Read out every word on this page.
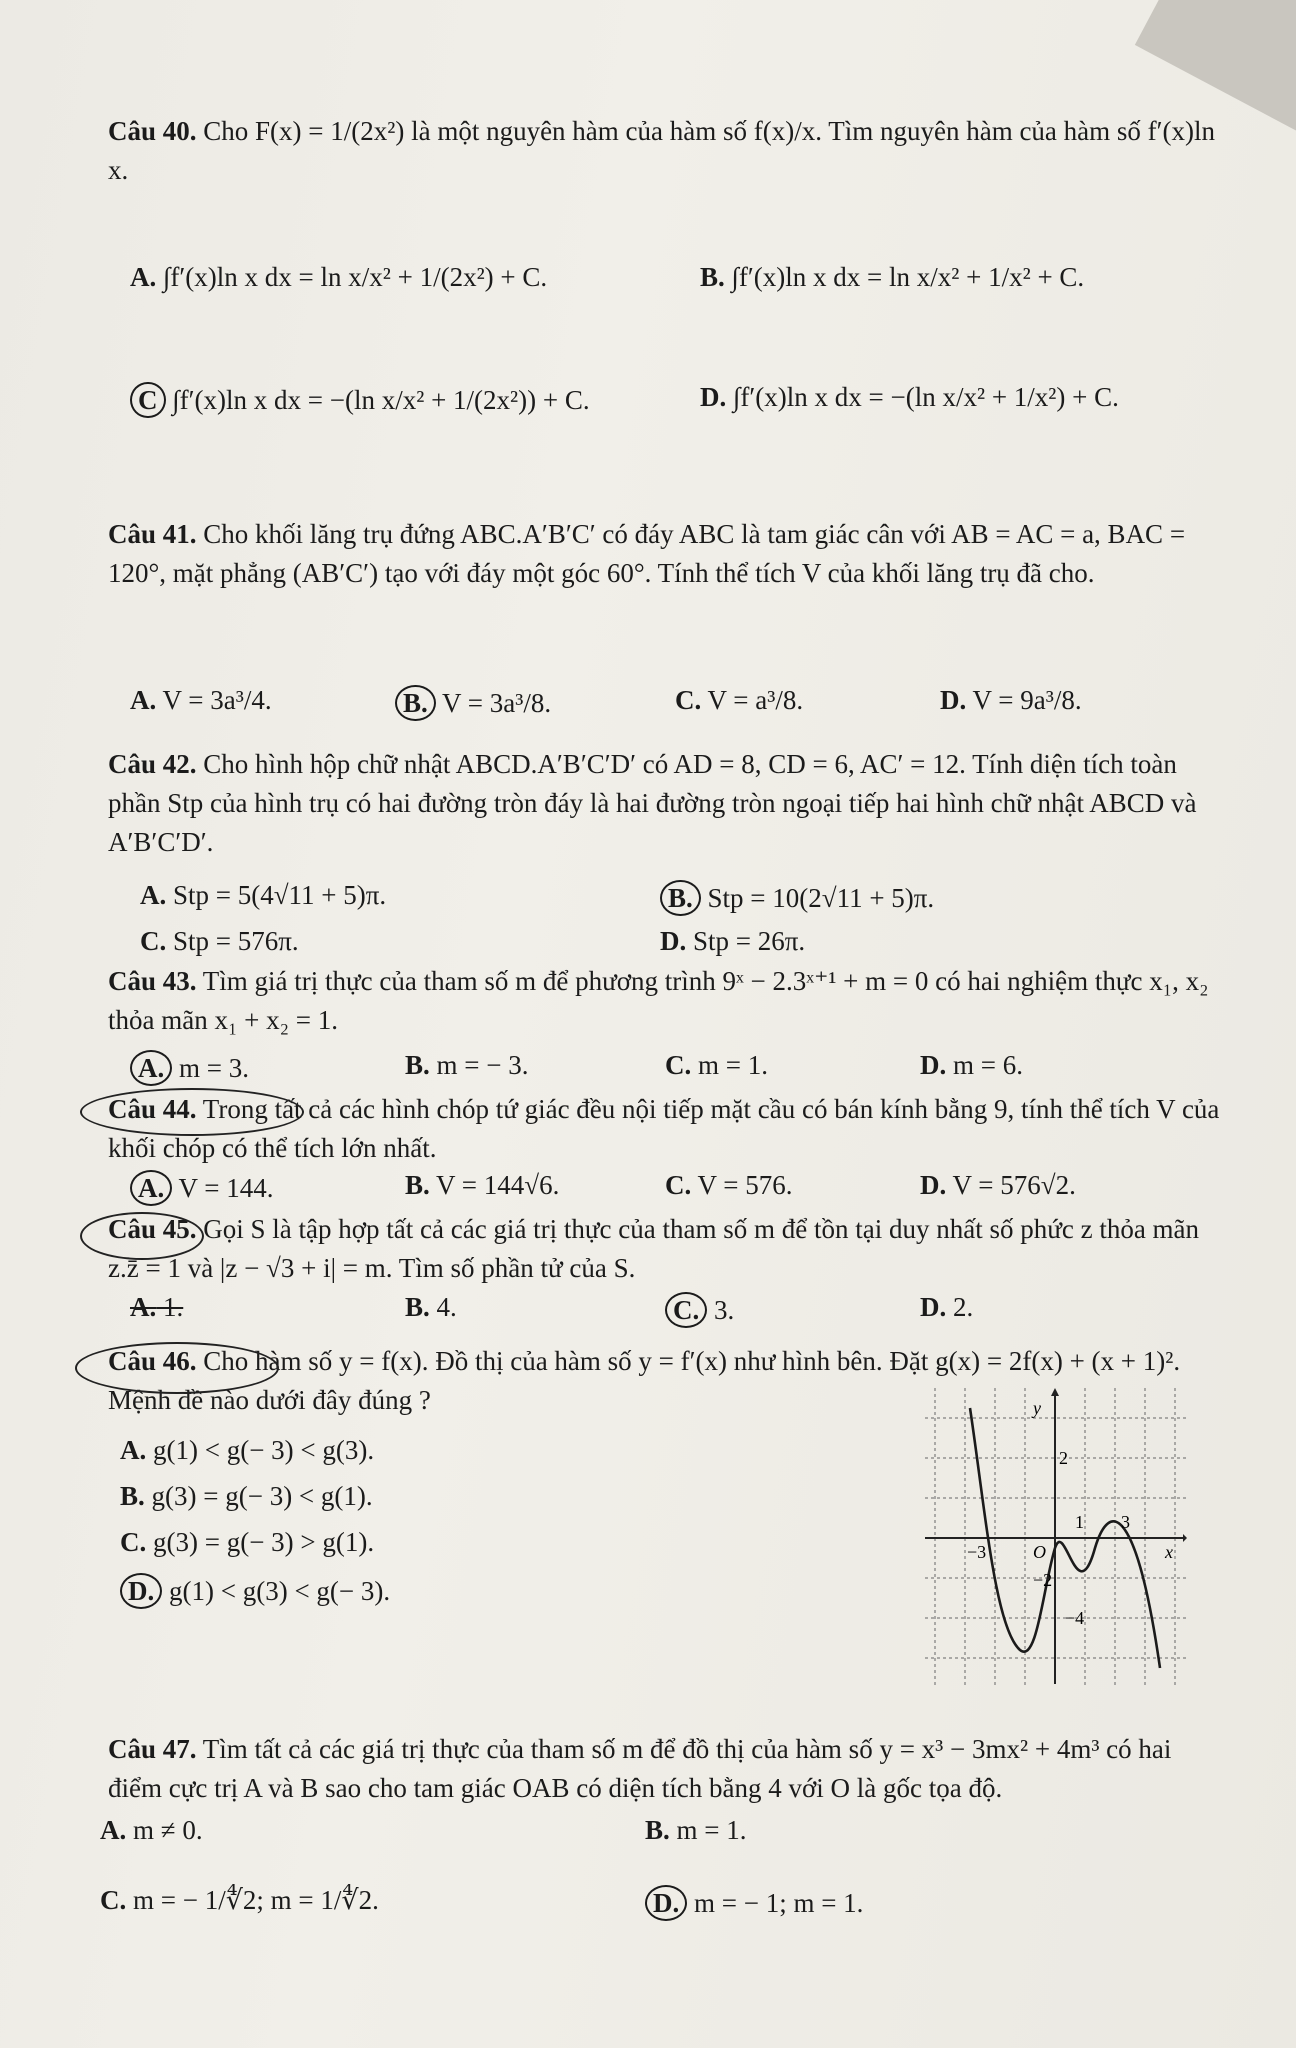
Câu 40. Cho F(x) = 1/(2x²) là một nguyên hàm của hàm số f(x)/x. Tìm nguyên hàm của hàm số f′(x)ln x.
A. ∫f′(x)ln x dx = ln x/x² + 1/(2x²) + C.	B. ∫f′(x)ln x dx = ln x/x² + 1/x² + C.
C ∫f′(x)ln x dx = −(ln x/x² + 1/(2x²)) + C.	D. ∫f′(x)ln x dx = −(ln x/x² + 1/x²) + C.
Câu 41. Cho khối lăng trụ đứng ABC.A′B′C′ có đáy ABC là tam giác cân với AB = AC = a, BAC = 120°, mặt phẳng (AB′C′) tạo với đáy một góc 60°. Tính thể tích V của khối lăng trụ đã cho.
A. V = 3a³/4.	B. V = 3a³/8.	C. V = a³/8.	D. V = 9a³/8.
Câu 42. Cho hình hộp chữ nhật ABCD.A′B′C′D′ có AD = 8, CD = 6, AC′ = 12. Tính diện tích toàn phần Stp của hình trụ có hai đường tròn đáy là hai đường tròn ngoại tiếp hai hình chữ nhật ABCD và A′B′C′D′.
A. Stp = 5(4√11 + 5)π.	B. Stp = 10(2√11 + 5)π.
C. Stp = 576π.	D. Stp = 26π.
Câu 43. Tìm giá trị thực của tham số m để phương trình 9ˣ − 2.3ˣ⁺¹ + m = 0 có hai nghiệm thực x₁, x₂ thỏa mãn x₁ + x₂ = 1.
A. m = 3.	B. m = − 3.	C. m = 1.	D. m = 6.
Câu 44. Trong tất cả các hình chóp tứ giác đều nội tiếp mặt cầu có bán kính bằng 9, tính thể tích V của khối chóp có thể tích lớn nhất.
A. V = 144.	B. V = 144√6.	C. V = 576.	D. V = 576√2.
Câu 45. Gọi S là tập hợp tất cả các giá trị thực của tham số m để tồn tại duy nhất số phức z thỏa mãn z.z̄ = 1 và |z − √3 + i| = m. Tìm số phần tử của S.
A. 1.	B. 4.	C. 3.	D. 2.
Câu 46. Cho hàm số y = f(x). Đồ thị của hàm số y = f′(x) như hình bên. Đặt g(x) = 2f(x) + (x + 1)². Mệnh đề nào dưới đây đúng ?
A. g(1) < g(− 3) < g(3).
B. g(3) = g(− 3) < g(1).
C. g(3) = g(− 3) > g(1).
D. g(1) < g(3) < g(− 3).
y
x
O
2
1 3
−3
−2
−4
Câu 47. Tìm tất cả các giá trị thực của tham số m để đồ thị của hàm số y = x³ − 3mx² + 4m³ có hai điểm cực trị A và B sao cho tam giác OAB có diện tích bằng 4 với O là gốc tọa độ.
A. m ≠ 0.	B. m = 1.
C. m = − 1/∜2; m = 1/∜2.	D. m = − 1; m = 1.
